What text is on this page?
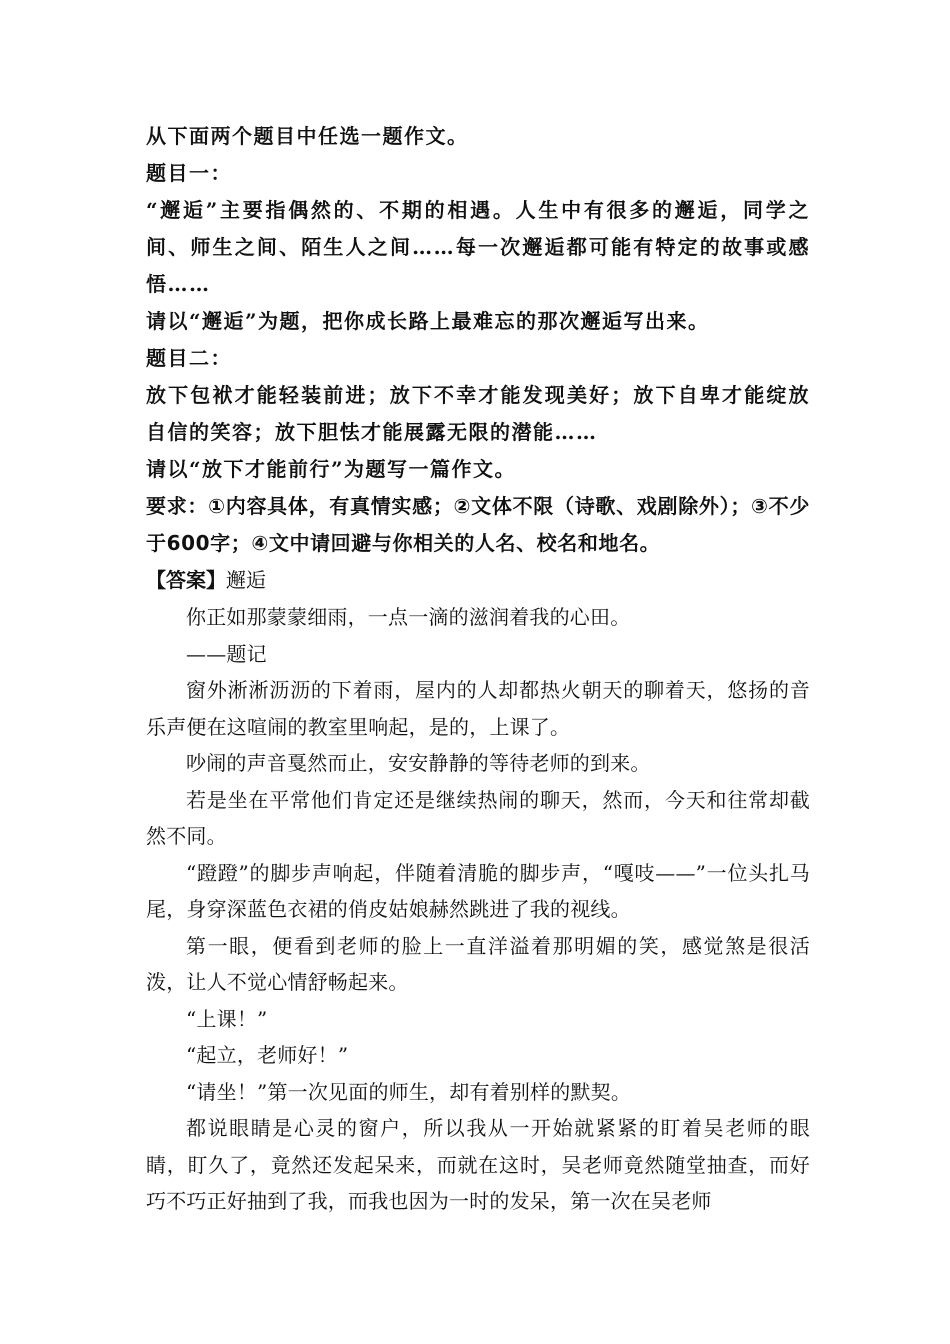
从下面两个题目中任选一题作文。

题目一：

“邂逅”主要指偶然的、不期的相遇。人生中有很多的邂逅，同学之间、师生之间、陌生人之间……每一次邂逅都可能有特定的故事或感悟……

请以“邂逅”为题，把你成长路上最难忘的那次邂逅写出来。

题目二：

放下包袱才能轻装前进；放下不幸才能发现美好；放下自卑才能绽放自信的笑容；放下胆怯才能展露无限的潜能……

请以“放下才能前行”为题写一篇作文。

要求：①内容具体，有真情实感；②文体不限（诗歌、戏剧除外）；③不少于600字；④文中请回避与你相关的人名、校名和地名。

【答案】邂逅

你正如那蒙蒙细雨，一点一滴的滋润着我的心田。

——题记

窗外淅淅沥沥的下着雨，屋内的人却都热火朝天的聊着天，悠扬的音乐声便在这喧闹的教室里响起，是的，上课了。

吵闹的声音戛然而止，安安静静的等待老师的到来。

若是坐在平常他们肯定还是继续热闹的聊天，然而，今天和往常却截然不同。

“蹬蹬”的脚步声响起，伴随着清脆的脚步声，“嘎吱——”一位头扎马尾，身穿深蓝色衣裙的俏皮姑娘赫然跳进了我的视线。

第一眼，便看到老师的脸上一直洋溢着那明媚的笑，感觉煞是很活泼，让人不觉心情舒畅起来。

“上课！”

“起立，老师好！”

“请坐！”第一次见面的师生，却有着别样的默契。

都说眼睛是心灵的窗户，所以我从一开始就紧紧的盯着吴老师的眼睛，盯久了，竟然还发起呆来，而就在这时，吴老师竟然随堂抽查，而好巧不巧正好抽到了我，而我也因为一时的发呆，第一次在吴老师
